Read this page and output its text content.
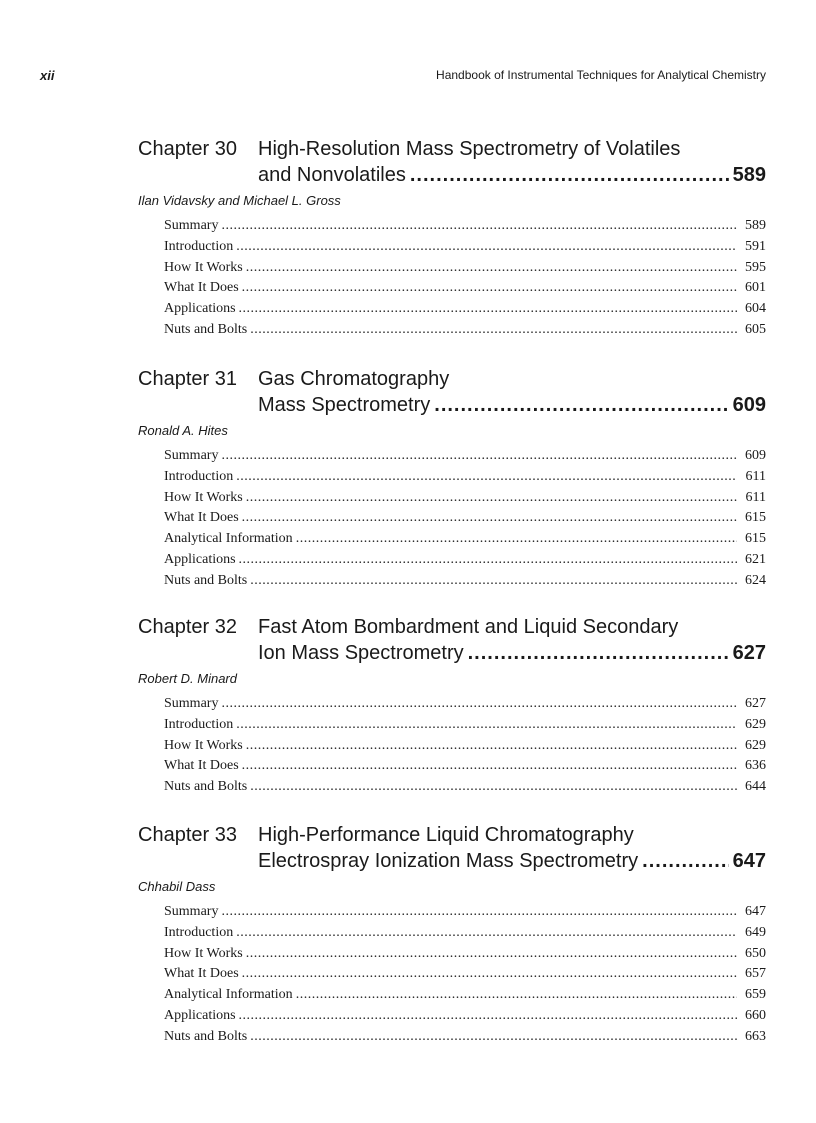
xii	Handbook of Instrumental Techniques for Analytical Chemistry
Chapter 30 High-Resolution Mass Spectrometry of Volatiles
and Nonvolatiles .....	589
Ilan Vidavsky and Michael L. Gross
Summary .....	589
Introduction .....	591
How It Works .....	595
What It Does .....	601
Applications .....	604
Nuts and Bolts .....	605
Chapter 31 Gas Chromatography
Mass Spectrometry .....	609
Ronald A. Hites
Summary .....	609
Introduction .....	611
How It Works .....	611
What It Does .....	615
Analytical Information .....	615
Applications .....	621
Nuts and Bolts .....	624
Chapter 32 Fast Atom Bombardment and Liquid Secondary
Ion Mass Spectrometry .....	627
Robert D. Minard
Summary .....	627
Introduction .....	629
How It Works .....	629
What It Does .....	636
Nuts and Bolts .....	644
Chapter 33 High-Performance Liquid Chromatography
Electrospray Ionization Mass Spectrometry .....	647
Chhabil Dass
Summary .....	647
Introduction .....	649
How It Works .....	650
What It Does .....	657
Analytical Information .....	659
Applications .....	660
Nuts and Bolts .....	663
